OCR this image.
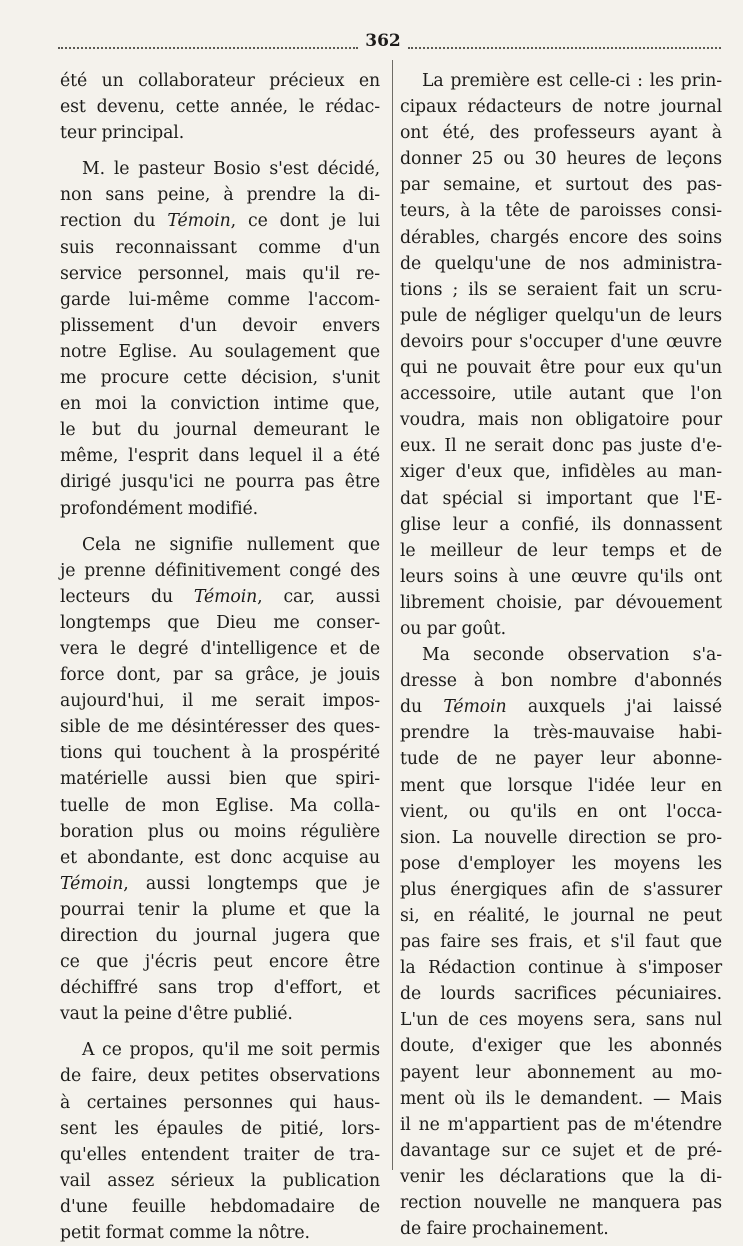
362
été un collaborateur précieux en
est devenu, cette année, le rédac-
teur principal.
M. le pasteur Bosio s'est décidé,
non sans peine, à prendre la di-
rection du Témoin, ce dont je lui
suis reconnaissant comme d'un
service personnel, mais qu'il re-
garde lui-même comme l'accom-
plissement d'un devoir envers
notre Eglise. Au soulagement que
me procure cette décision, s'unit
en moi la conviction intime que,
le but du journal demeurant le
même, l'esprit dans lequel il a été
dirigé jusqu'ici ne pourra pas être
profondément modifié.
Cela ne signifie nullement que
je prenne définitivement congé des
lecteurs du Témoin, car, aussi
longtemps que Dieu me conser-
vera le degré d'intelligence et de
force dont, par sa grâce, je jouis
aujourd'hui, il me serait impos-
sible de me désintéresser des ques-
tions qui touchent à la prospérité
matérielle aussi bien que spiri-
tuelle de mon Eglise. Ma colla-
boration plus ou moins régulière
et abondante, est donc acquise au
Témoin, aussi longtemps que je
pourrai tenir la plume et que la
direction du journal jugera que
ce que j'écris peut encore être
déchiffré sans trop d'effort, et
vaut la peine d'être publié.
A ce propos, qu'il me soit permis
de faire, deux petites observations
à certaines personnes qui haus-
sent les épaules de pitié, lors-
qu'elles entendent traiter de tra-
vail assez sérieux la publication
d'une feuille hebdomadaire de
petit format comme la nôtre.
La première est celle-ci : les prin-
cipaux rédacteurs de notre journal
ont été, des professeurs ayant à
donner 25 ou 30 heures de leçons
par semaine, et surtout des pas-
teurs, à la tête de paroisses consi-
dérables, chargés encore des soins
de quelqu'une de nos administra-
tions ; ils se seraient fait un scru-
pule de négliger quelqu'un de leurs
devoirs pour s'occuper d'une œuvre
qui ne pouvait être pour eux qu'un
accessoire, utile autant que l'on
voudra, mais non obligatoire pour
eux. Il ne serait donc pas juste d'e-
xiger d'eux que, infidèles au man-
dat spécial si important que l'E-
glise leur a confié, ils donnassent
le meilleur de leur temps et de
leurs soins à une œuvre qu'ils ont
librement choisie, par dévouement
ou par goût.
Ma seconde observation s'a-
dresse à bon nombre d'abonnés
du Témoin auxquels j'ai laissé
prendre la très-mauvaise habi-
tude de ne payer leur abonne-
ment que lorsque l'idée leur en
vient, ou qu'ils en ont l'occa-
sion. La nouvelle direction se pro-
pose d'employer les moyens les
plus énergiques afin de s'assurer
si, en réalité, le journal ne peut
pas faire ses frais, et s'il faut que
la Rédaction continue à s'imposer
de lourds sacrifices pécuniaires.
L'un de ces moyens sera, sans nul
doute, d'exiger que les abonnés
payent leur abonnement au mo-
ment où ils le demandent. — Mais
il ne m'appartient pas de m'étendre
davantage sur ce sujet et de pré-
venir les déclarations que la di-
rection nouvelle ne manquera pas
de faire prochainement.
